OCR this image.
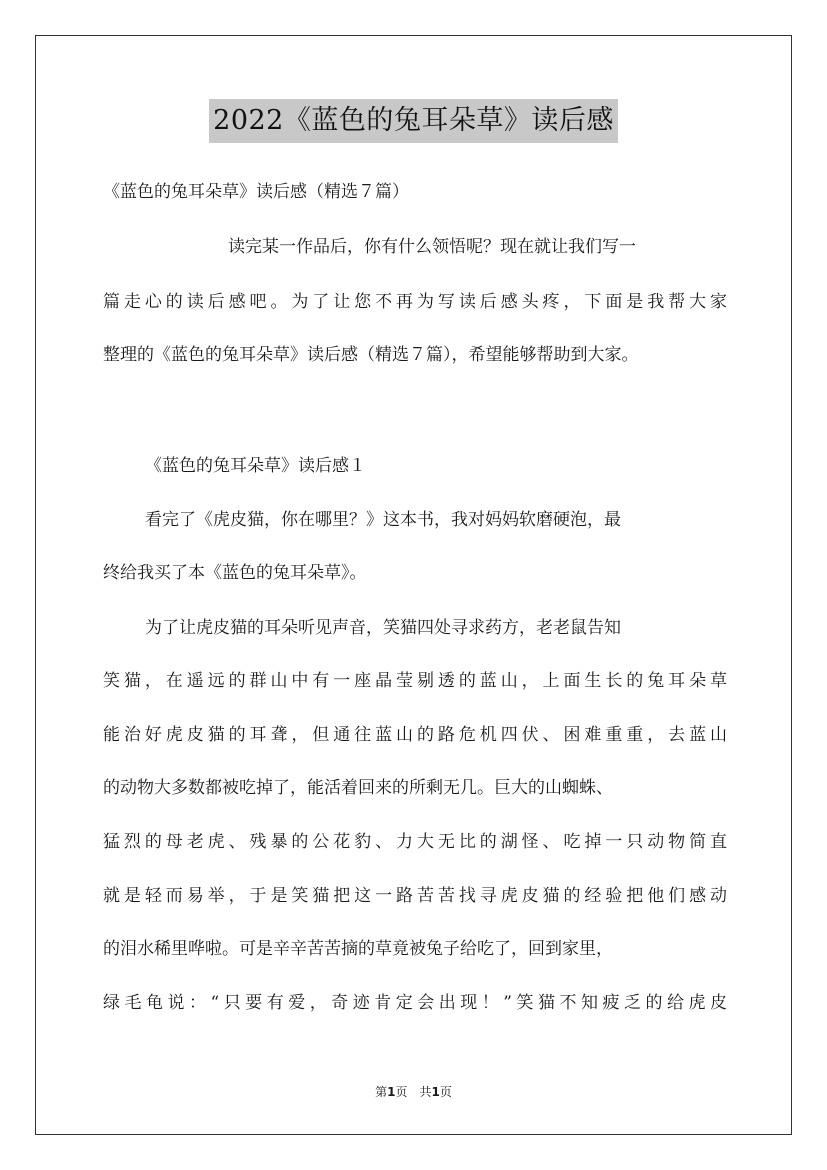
2022《蓝色的兔耳朵草》读后感
《蓝色的兔耳朵草》读后感（精选７篇）
读完某一作品后，你有什么领悟呢？现在就让我们写一
篇走心的读后感吧。为了让您不再为写读后感头疼，下面是我帮大家
整理的《蓝色的兔耳朵草》读后感（精选７篇），希望能够帮助到大家。
《蓝色的兔耳朵草》读后感１
看完了《虎皮猫，你在哪里？》这本书，我对妈妈软磨硬泡，最
终给我买了本《蓝色的兔耳朵草》。
为了让虎皮猫的耳朵听见声音，笑猫四处寻求药方，老老鼠告知
笑猫，在遥远的群山中有一座晶莹剔透的蓝山，上面生长的兔耳朵草
能治好虎皮猫的耳聋，但通往蓝山的路危机四伏、困难重重，去蓝山
的动物大多数都被吃掉了，能活着回来的所剩无几。巨大的山蜘蛛、
猛烈的母老虎、残暴的公花豹、力大无比的湖怪、吃掉一只动物简直
就是轻而易举，于是笑猫把这一路苦苦找寻虎皮猫的经验把他们感动
的泪水稀里哗啦。可是辛辛苦苦摘的草竟被兔子给吃了，回到家里，
绿毛龟说：“只要有爱，奇迹肯定会出现！”笑猫不知疲乏的给虎皮
第1页　共1页
